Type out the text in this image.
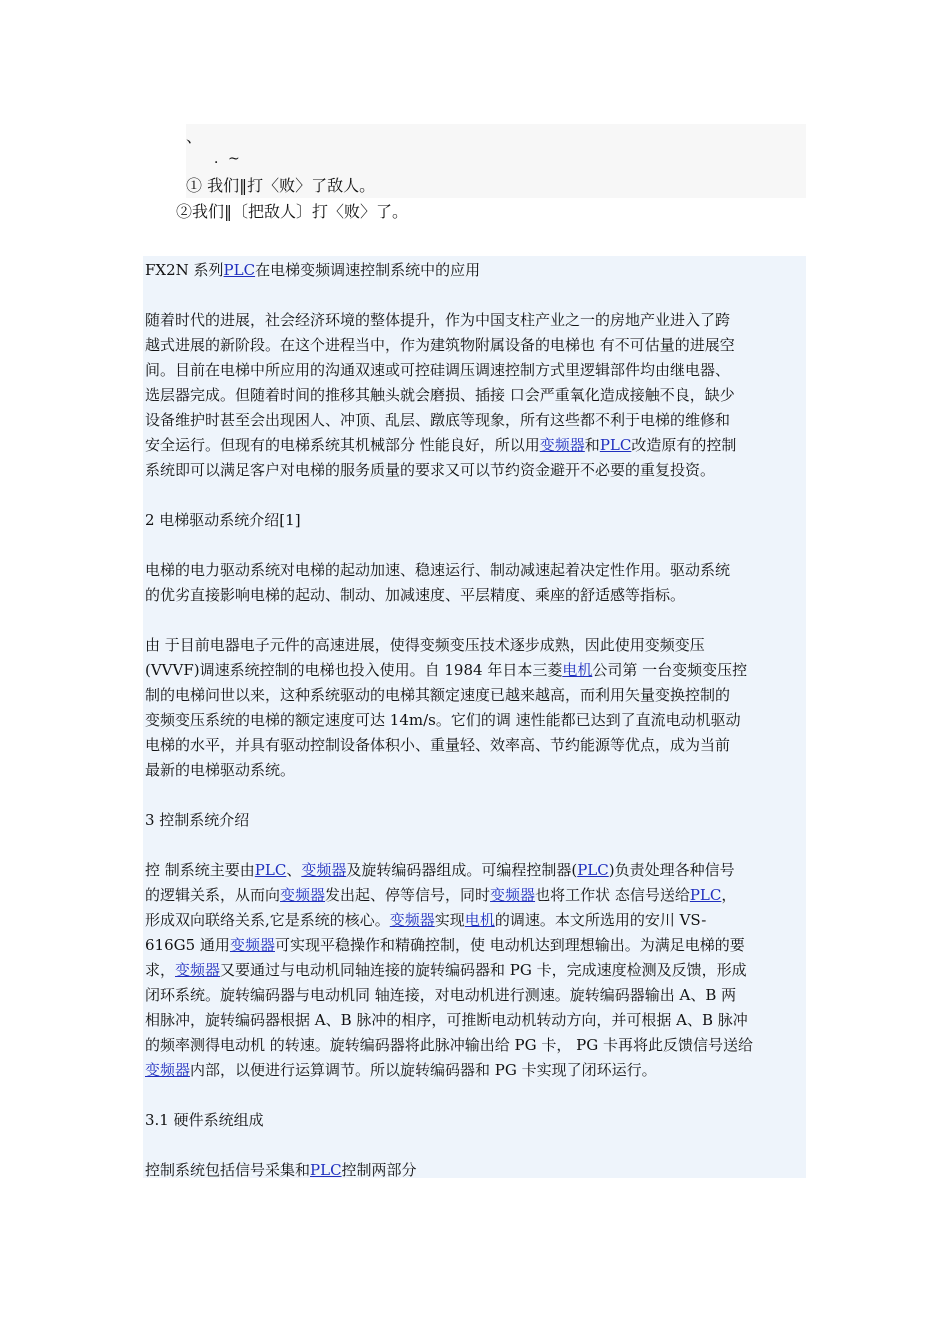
、
．~
① 我们‖打〈败〉了敌人。
②我们‖〔把敌人〕打〈败〉了。
FX2N 系列PLC在电梯变频调速控制系统中的应用

随着时代的进展，社会经济环境的整体提升，作为中国支柱产业之一的房地产业进入了跨
越式进展的新阶段。在这个进程当中，作为建筑物附属设备的电梯也 有不可估量的进展空
间。目前在电梯中所应用的沟通双速或可控硅调压调速控制方式里逻辑部件均由继电器、
选层器完成。但随着时间的推移其触头就会磨损、插接 口会严重氧化造成接触不良，缺少
设备维护时甚至会出现困人、冲顶、乱层、蹾底等现象，所有这些都不利于电梯的维修和
安全运行。但现有的电梯系统其机械部分 性能良好，所以用变频器和PLC改造原有的控制
系统即可以满足客户对电梯的服务质量的要求又可以节约资金避开不必要的重复投资。

2 电梯驱动系统介绍[1]

电梯的电力驱动系统对电梯的起动加速、稳速运行、制动减速起着决定性作用。驱动系统
的优劣直接影响电梯的起动、制动、加减速度、平层精度、乘座的舒适感等指标。

由 于目前电器电子元件的高速进展，使得变频变压技术逐步成熟，因此使用变频变压
(VVVF)调速系统控制的电梯也投入使用。自 1984 年日本三菱电机公司第 一台变频变压控
制的电梯问世以来，这种系统驱动的电梯其额定速度已越来越高，而利用矢量变换控制的
变频变压系统的电梯的额定速度可达 14m/s。它们的调 速性能都已达到了直流电动机驱动
电梯的水平，并具有驱动控制设备体积小、重量轻、效率高、节约能源等优点，成为当前
最新的电梯驱动系统。

3 控制系统介绍

控 制系统主要由PLC、变频器及旋转编码器组成。可编程控制器(PLC)负责处理各种信号
的逻辑关系，从而向变频器发出起、停等信号，同时变频器也将工作状 态信号送给PLC，
形成双向联络关系,它是系统的核心。变频器实现电机的调速。本文所选用的安川 VS-
616G5 通用变频器可实现平稳操作和精确控制，使 电动机达到理想输出。为满足电梯的要
求，变频器又要通过与电动机同轴连接的旋转编码器和 PG 卡，完成速度检测及反馈，形成
闭环系统。旋转编码器与电动机同 轴连接，对电动机进行测速。旋转编码器输出 A、B 两
相脉冲，旋转编码器根据 A、B 脉冲的相序，可推断电动机转动方向，并可根据 A、B 脉冲
的频率测得电动机 的转速。旋转编码器将此脉冲输出给 PG 卡， PG 卡再将此反馈信号送给
变频器内部，以便进行运算调节。所以旋转编码器和 PG 卡实现了闭环运行。

3.1 硬件系统组成

控制系统包括信号采集和PLC控制两部分
